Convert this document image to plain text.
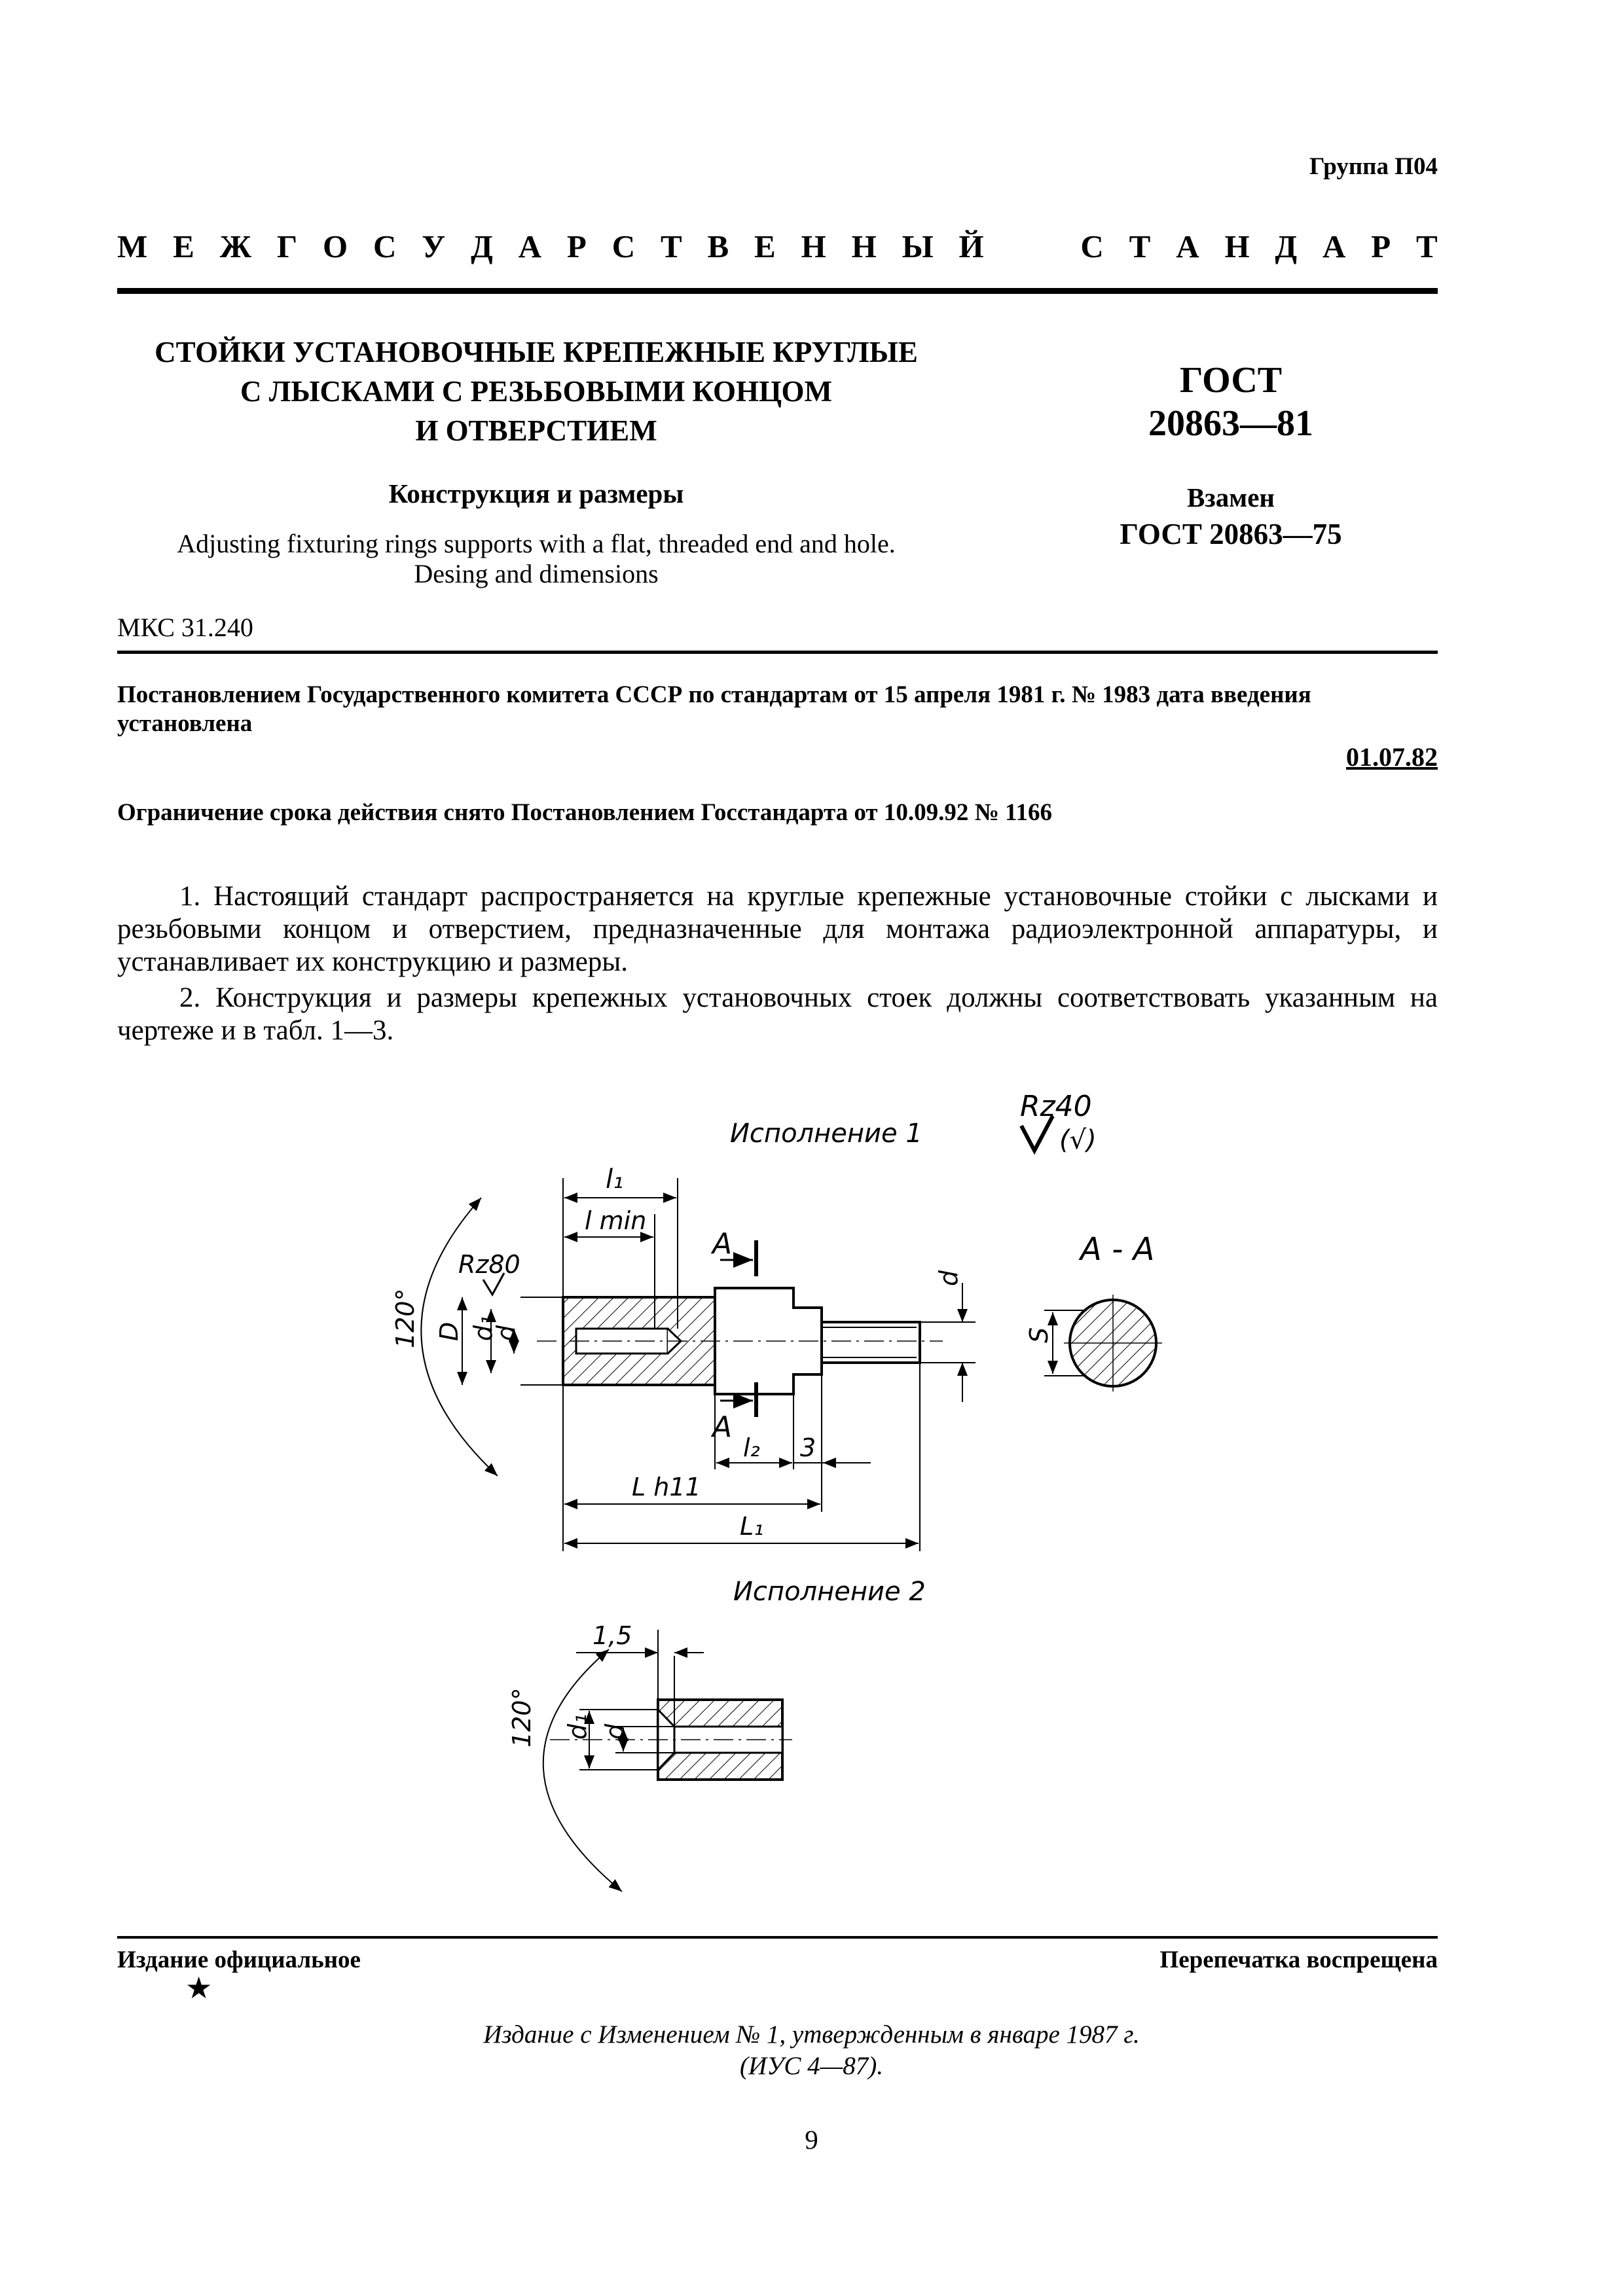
Группа П04
М Е Ж Г О С У Д А Р С Т В Е Н Н Ы Й	С Т А Н Д А Р Т
СТОЙКИ УСТАНОВОЧНЫЕ КРЕПЕЖНЫЕ КРУГЛЫЕ
С ЛЫСКАМИ С РЕЗЬБОВЫМИ КОНЦОМ
И ОТВЕРСТИЕМ
Конструкция и размеры
Adjusting fixturing rings supports with a flat, threaded end and hole.
Desing and dimensions
ГОСТ
20863—81
Взамен
ГОСТ 20863—75
МКС 31.240
Постановлением Государственного комитета СССР по стандартам от 15 апреля 1981 г. № 1983 дата введения установлена
01.07.82
Ограничение срока действия снято Постановлением Госстандарта от 10.09.92 № 1166
1. Настоящий стандарт распространяется на круглые крепежные установочные стойки с лысками и резьбовыми концом и отверстием, предназначенные для монтажа радиоэлектронной аппаратуры, и устанавливает их конструкцию и размеры.
2. Конструкция и размеры крепежных установочных стоек должны соответствовать указанным на чертеже и в табл. 1—3.
Исполнение 1
Rz40
(√)
А
А
А - А
S
D d₁
d
120°
Rz80
l₁
l min
d
l₂ 3
L h11
L₁
Исполнение 2
1,5
d₁ d
120°
Издание официальное	Перепечатка воспрещена
★
Издание с Изменением № 1, утвержденным в январе 1987 г.
(ИУС 4—87).
9
